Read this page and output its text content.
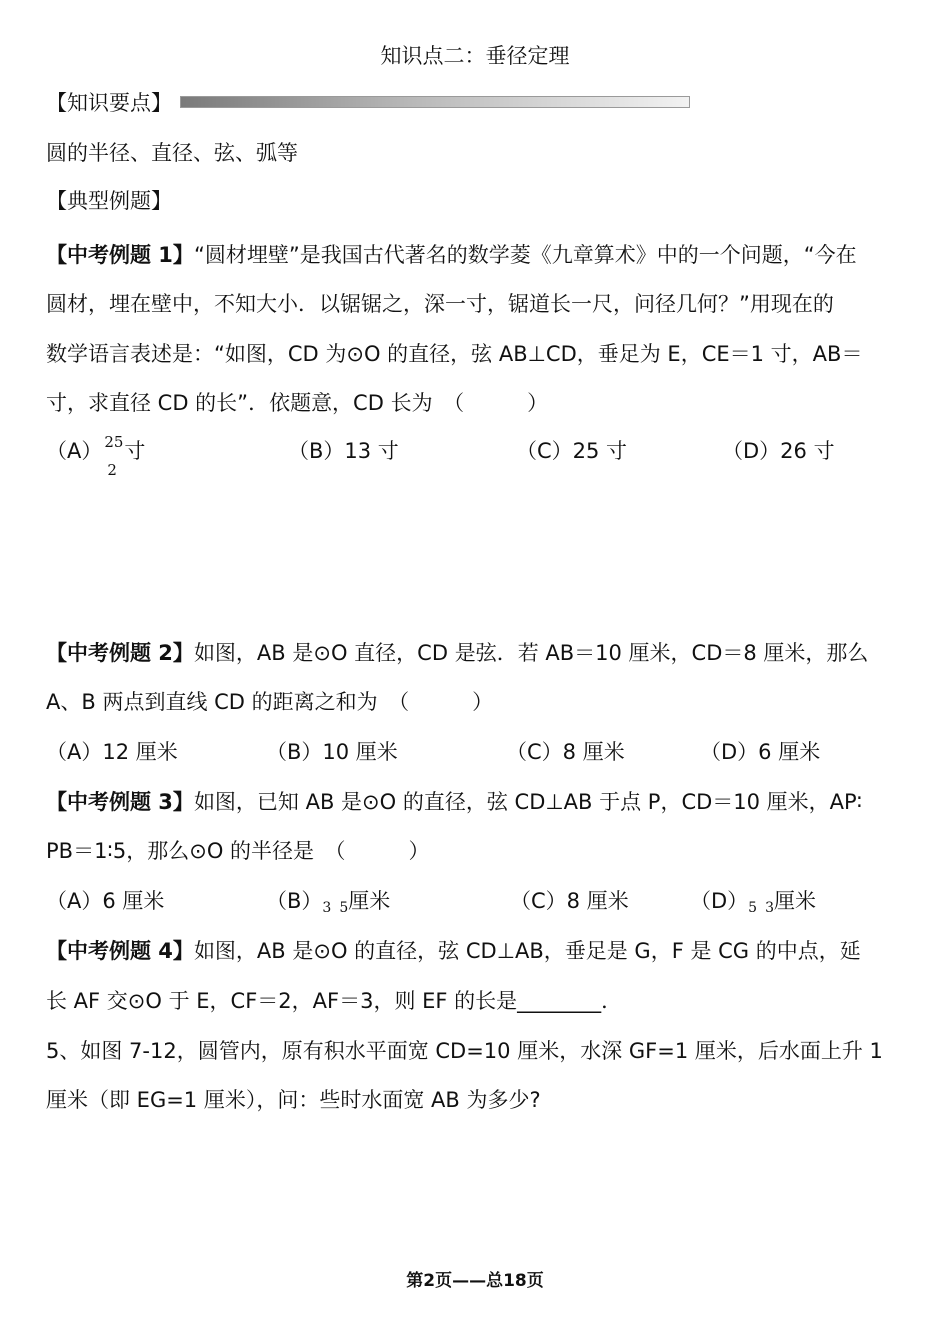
知识点二：垂径定理
【知识要点】
圆的半径、直径、弦、弧等
【典型例题】
【中考例题 1】“圆材埋壁”是我国古代著名的数学菱《九章算术》中的一个问题，“今在
圆材，埋在壁中，不知大小．以锯锯之，深一寸，锯道长一尺，问径几何？”用现在的
数学语言表述是：“如图，CD 为⊙O 的直径，弦 AB⊥CD，垂足为 E，CE＝1 寸，AB＝
寸，求直径 CD 的长”．依题意，CD 长为　（　　　）
（A） 25
2
寸	（B）13 寸	（C）25 寸	（D）26 寸
【中考例题 2】如图，AB 是⊙O 直径，CD 是弦．若 AB＝10 厘米，CD＝8 厘米，那么
A、B 两点到直线 CD 的距离之和为　（　　　）
（A）12 厘米	（B）10 厘米	（C）8 厘米	（D）6 厘米
【中考例题 3】如图，已知 AB 是⊙O 的直径，弦 CD⊥AB 于点 P，CD＝10 厘米，AP∶
PB＝1∶5，那么⊙O 的半径是　（　　　）
（A）6 厘米	（B）3 5厘米	（C）8 厘米	（D）5 3厘米
【中考例题 4】如图，AB 是⊙O 的直径，弦 CD⊥AB，垂足是 G，F 是 CG 的中点，延
长 AF 交⊙O 于 E，CF＝2，AF＝3，则 EF 的长是________．
5、如图 7-12，圆管内，原有积水平面宽 CD=10 厘米，水深 GF=1 厘米，后水面上升 1
厘米（即 EG=1 厘米），问：些时水面宽 AB 为多少?
第2页——总18页
